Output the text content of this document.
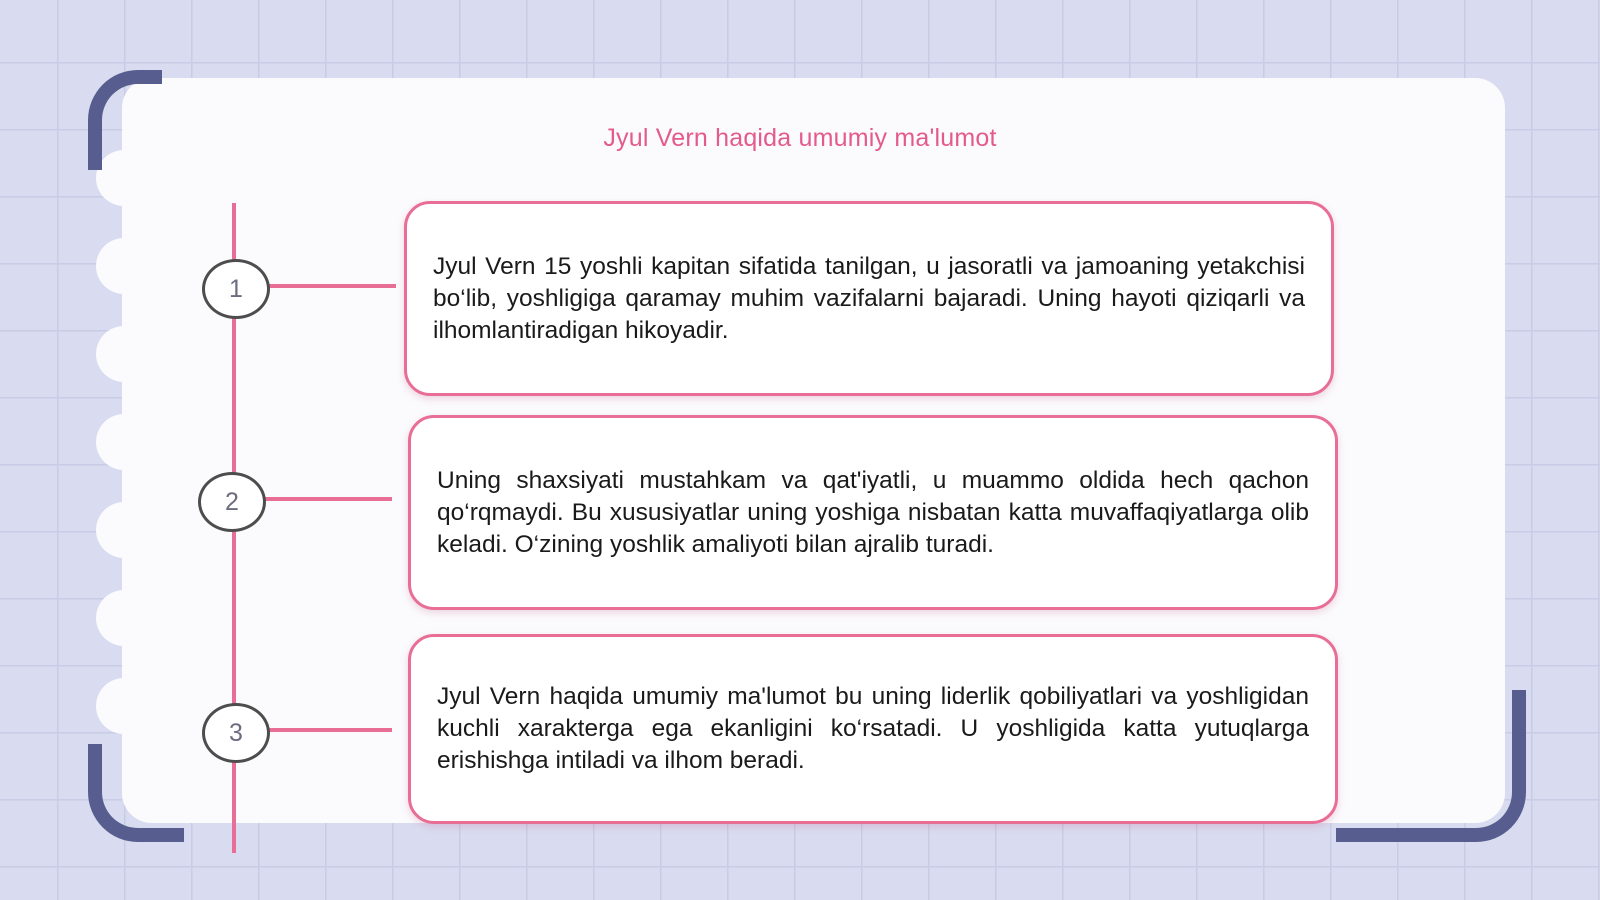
Jyul Vern haqida umumiy ma'lumot
1

Jyul Vern 15 yoshli kapitan sifatida tanilgan, u jasoratli va jamoaning yetakchisi bo‘lib, yoshligiga qaramay muhim vazifalarni bajaradi. Uning hayoti qiziqarli va ilhomlantiradigan hikoyadir.

2

Uning shaxsiyati mustahkam va qat'iyatli, u muammo oldida hech qachon qo‘rqmaydi. Bu xususiyatlar uning yoshiga nisbatan katta muvaffaqiyatlarga olib keladi. O‘zining yoshlik amaliyoti bilan ajralib turadi.

3

Jyul Vern haqida umumiy ma'lumot bu uning liderlik qobiliyatlari va yoshligidan kuchli xarakterga ega ekanligini ko‘rsatadi. U yoshligida katta yutuqlarga erishishga intiladi va ilhom beradi.
